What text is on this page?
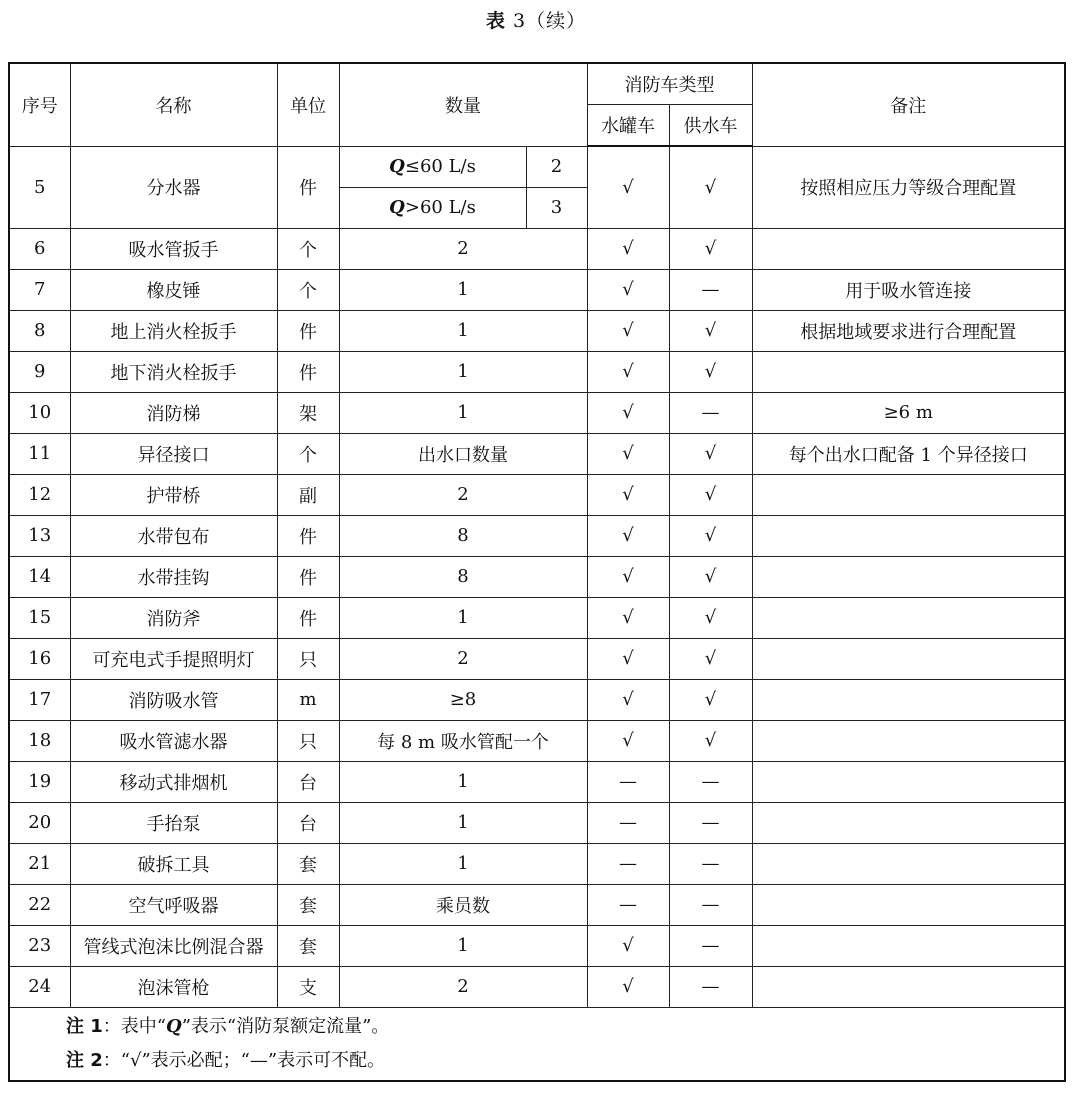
表 3（续）
序号	名称	单位	数量		消防车类型		备注
					水罐车	供水车	
5	分水器	件	Q≤60 L/s	2	√	√	按照相应压力等级合理配置
			Q>60 L/s	3			
6	吸水管扳手	个	2		√	√	
7	橡皮锤	个	1		√	—	用于吸水管连接
8	地上消火栓扳手	件	1		√	√	根据地域要求进行合理配置
9	地下消火栓扳手	件	1		√	√	
10	消防梯	架	1		√	—	≥6 m
11	异径接口	个	出水口数量		√	√	每个出水口配备 1 个异径接口
12	护带桥	副	2		√	√	
13	水带包布	件	8		√	√	
14	水带挂钩	件	8		√	√	
15	消防斧	件	1		√	√	
16	可充电式手提照明灯	只	2		√	√	
17	消防吸水管	m	≥8		√	√	
18	吸水管滤水器	只	每 8 m 吸水管配一个		√	√	
19	移动式排烟机	台	1		—	—	
20	手抬泵	台	1		—	—	
21	破拆工具	套	1		—	—	
22	空气呼吸器	套	乘员数		—	—	
23	管线式泡沫比例混合器	套	1		√	—	
24	泡沫管枪	支	2		√	—	

注 1：表中“Q”表示“消防泵额定流量”。
注 2：“√”表示必配；“—”表示可不配。							
